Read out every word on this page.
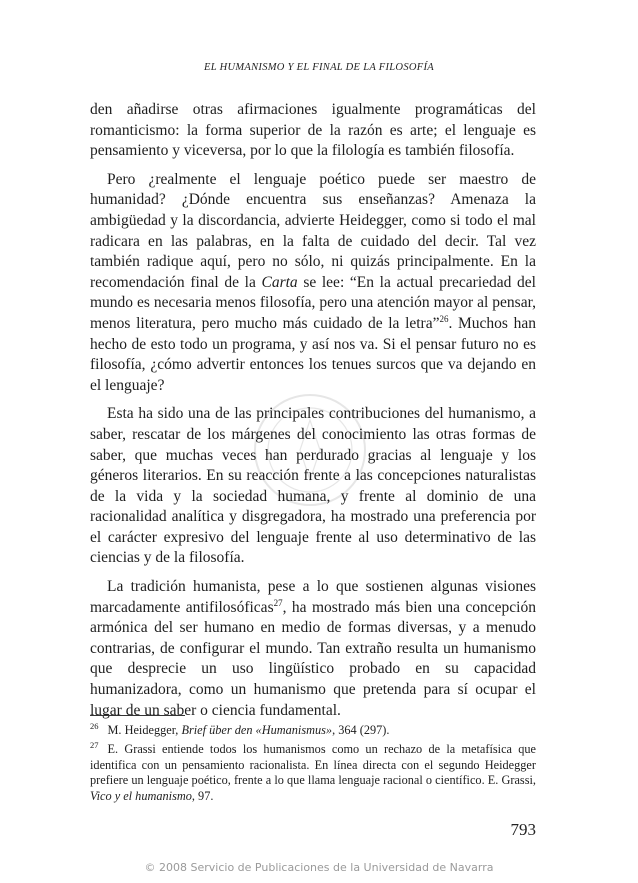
EL HUMANISMO Y EL FINAL DE LA FILOSOFÍA

den añadirse otras afirmaciones igualmente programáticas del romanticismo: la forma superior de la razón es arte; el lenguaje es pensamiento y viceversa, por lo que la filología es también filosofía.

Pero ¿realmente el lenguaje poético puede ser maestro de humanidad? ¿Dónde encuentra sus enseñanzas? Amenaza la ambigüedad y la discordancia, advierte Heidegger, como si todo el mal radicara en las palabras, en la falta de cuidado del decir. Tal vez también radique aquí, pero no sólo, ni quizás principalmente. En la recomendación final de la Carta se lee: “En la actual precariedad del mundo es necesaria menos filosofía, pero una atención mayor al pensar, menos literatura, pero mucho más cuidado de la letra”$^{26}$. Muchos han hecho de esto todo un programa, y así nos va. Si el pensar futuro no es filosofía, ¿cómo advertir entonces los tenues surcos que va dejando en el lenguaje?

Esta ha sido una de las principales contribuciones del humanismo, a saber, rescatar de los márgenes del conocimiento las otras formas de saber, que muchas veces han perdurado gracias al lenguaje y los géneros literarios. En su reacción frente a las concepciones naturalistas de la vida y la sociedad humana, y frente al dominio de una racionalidad analítica y disgregadora, ha mostrado una preferencia por el carácter expresivo del lenguaje frente al uso determinativo de las ciencias y de la filosofía.

La tradición humanista, pese a lo que sostienen algunas visiones marcadamente antifilosóficas$^{27}$, ha mostrado más bien una concepción armónica del ser humano en medio de formas diversas, y a menudo contrarias, de configurar el mundo. Tan extraño resulta un humanismo que desprecie un uso lingüístico probado en su capacidad humanizadora, como un humanismo que pretenda para sí ocupar el lugar de un saber o ciencia fundamental.

$^{26}$ M. Heidegger, Brief über den «Humanismus», 364 (297).

$^{27}$ E. Grassi entiende todos los humanismos como un rechazo de la metafísica que identifica con un pensamiento racionalista. En línea directa con el segundo Heidegger prefiere un lenguaje poético, frente a lo que llama lenguaje racional o científico. E. Grassi, Vico y el humanismo, 97.

793
© 2008 Servicio de Publicaciones de la Universidad de Navarra
